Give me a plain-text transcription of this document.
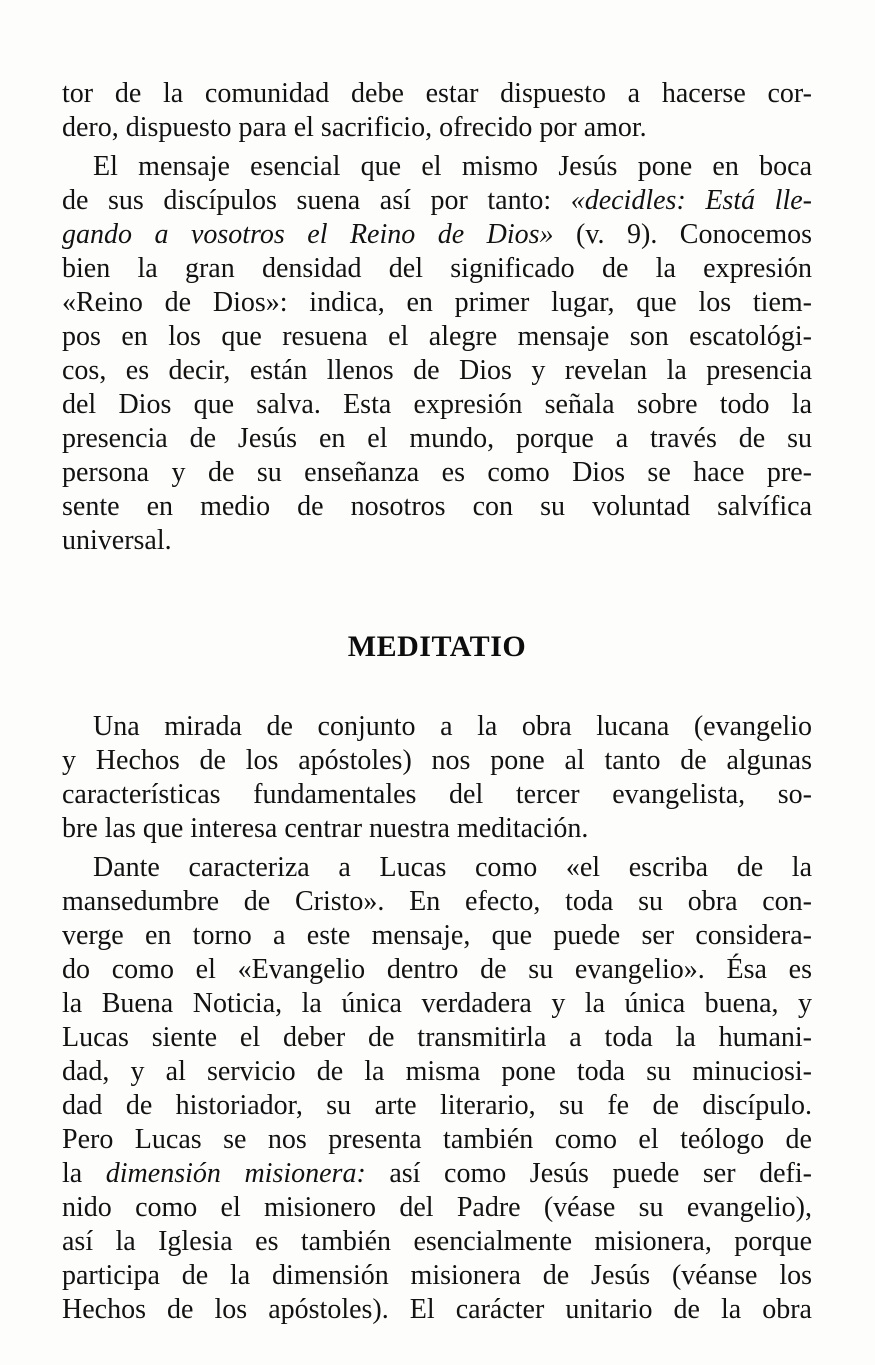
tor de la comunidad debe estar dispuesto a hacerse cor-
dero, dispuesto para el sacrificio, ofrecido por amor.
El mensaje esencial que el mismo Jesús pone en boca
de sus discípulos suena así por tanto: «decidles: Está lle-
gando a vosotros el Reino de Dios» (v. 9). Conocemos
bien la gran densidad del significado de la expresión
«Reino de Dios»: indica, en primer lugar, que los tiem-
pos en los que resuena el alegre mensaje son escatológi-
cos, es decir, están llenos de Dios y revelan la presencia
del Dios que salva. Esta expresión señala sobre todo la
presencia de Jesús en el mundo, porque a través de su
persona y de su enseñanza es como Dios se hace pre-
sente en medio de nosotros con su voluntad salvífica
universal.
MEDITATIO
Una mirada de conjunto a la obra lucana (evangelio
y Hechos de los apóstoles) nos pone al tanto de algunas
características fundamentales del tercer evangelista, so-
bre las que interesa centrar nuestra meditación.
Dante caracteriza a Lucas como «el escriba de la
mansedumbre de Cristo». En efecto, toda su obra con-
verge en torno a este mensaje, que puede ser considera-
do como el «Evangelio dentro de su evangelio». Ésa es
la Buena Noticia, la única verdadera y la única buena, y
Lucas siente el deber de transmitirla a toda la humani-
dad, y al servicio de la misma pone toda su minuciosi-
dad de historiador, su arte literario, su fe de discípulo.
Pero Lucas se nos presenta también como el teólogo de
la dimensión misionera: así como Jesús puede ser defi-
nido como el misionero del Padre (véase su evangelio),
así la Iglesia es también esencialmente misionera, porque
participa de la dimensión misionera de Jesús (véanse los
Hechos de los apóstoles). El carácter unitario de la obra
